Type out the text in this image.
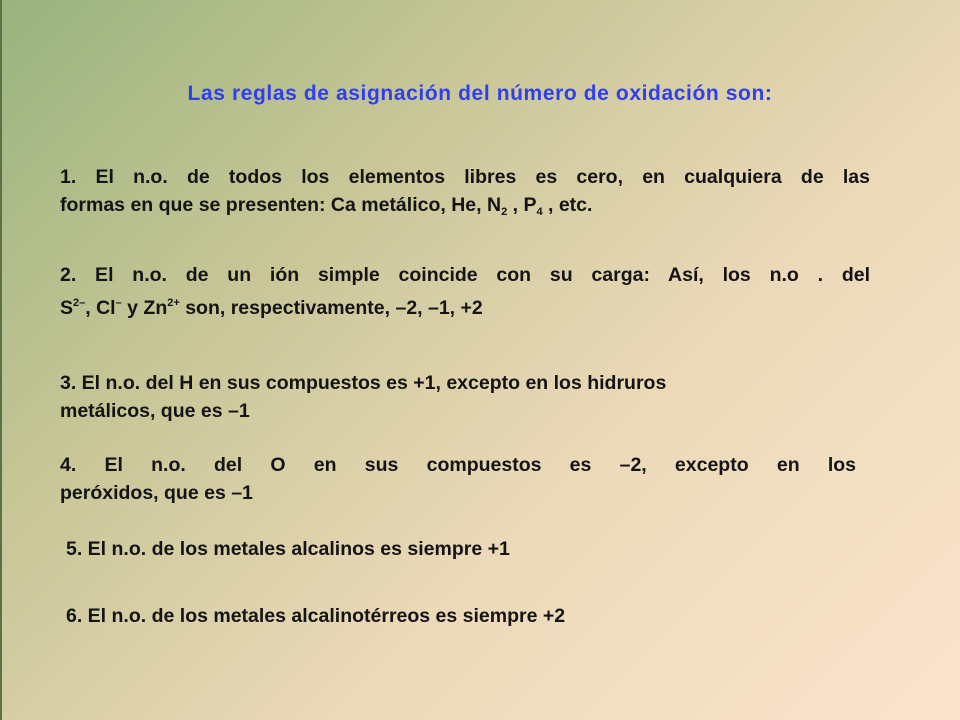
Las reglas de asignación del número de oxidación son:
1. El n.o. de todos los elementos libres es cero, en cualquiera de las
formas en que se presenten: Ca metálico, He, $N_2$ , $P_4$ , etc.
2. El n.o. de un ión simple coincide con su carga: Así, los n.o . del
$S^{2-}$, Cl– y $Zn^{2+}$ son, respectivamente, –2, –1, +2
3. El n.o. del H en sus compuestos es +1, excepto en los hidruros
metálicos, que es –1
4. El n.o. del O en sus compuestos es –2, excepto en los
peróxidos, que es –1
5. El n.o. de los metales alcalinos es siempre +1
6. El n.o. de los metales alcalinotérreos es siempre +2
